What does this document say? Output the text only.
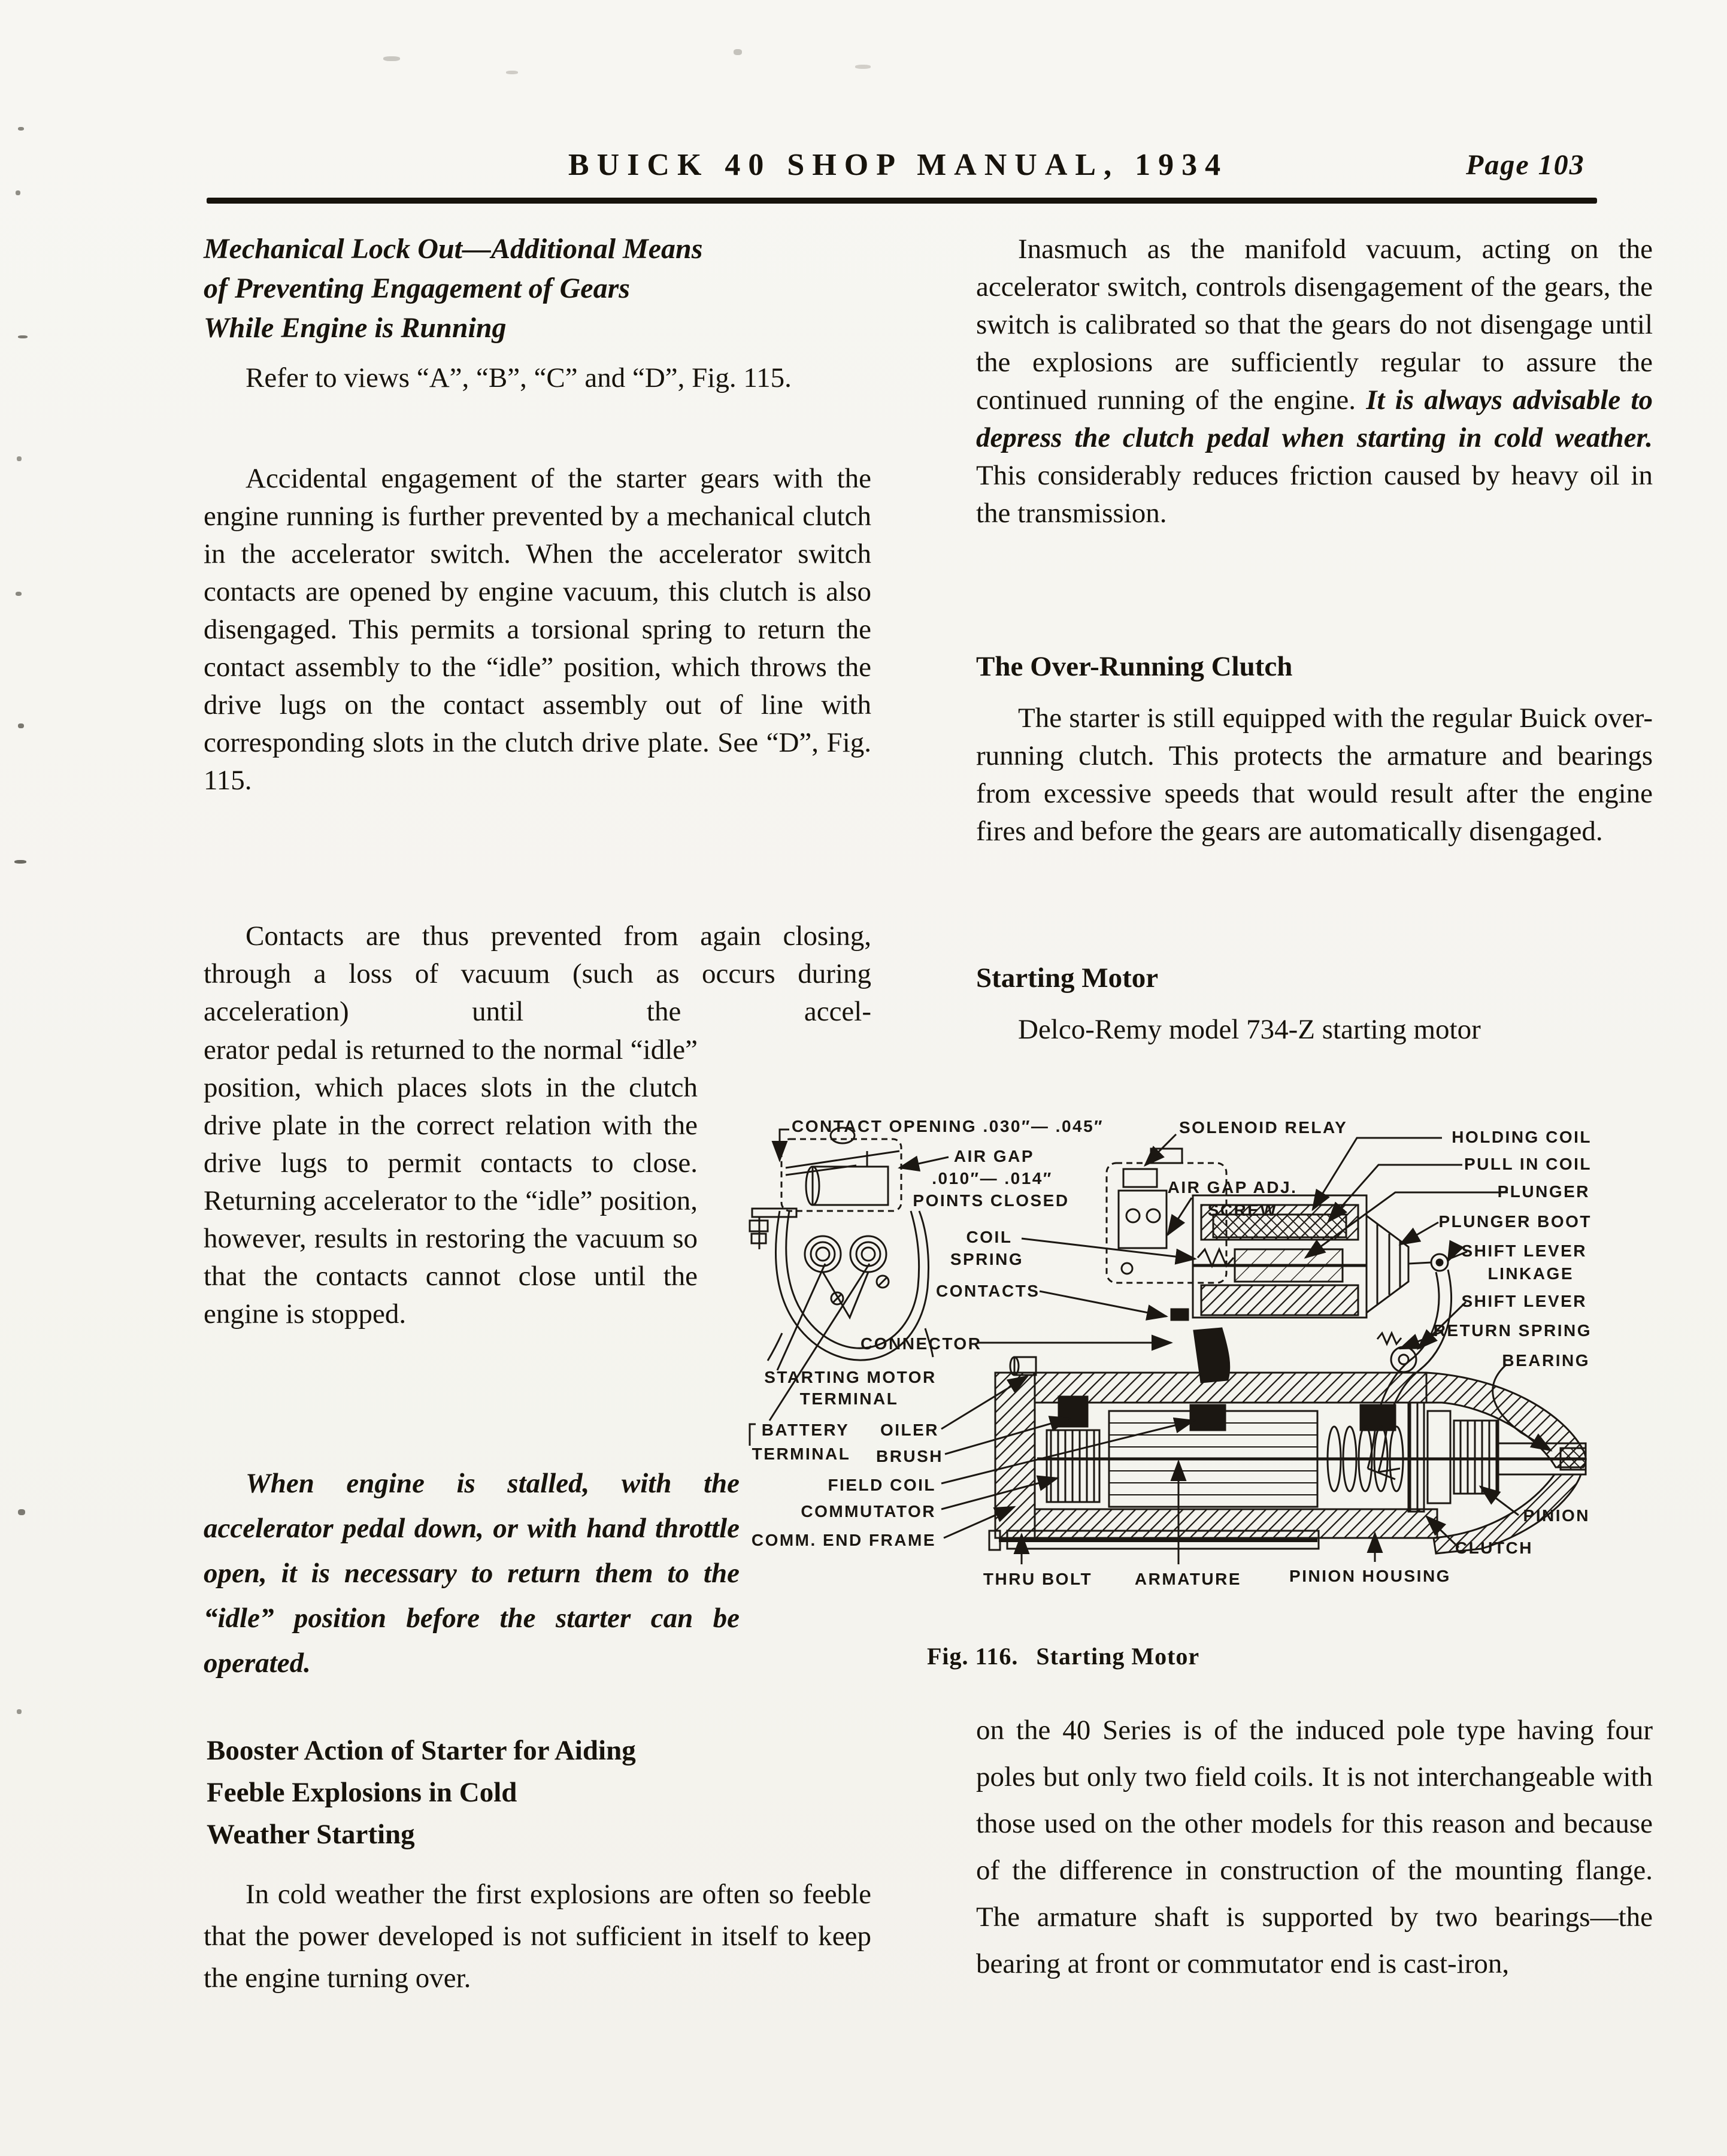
BUICK 40 SHOP MANUAL, 1934	Page 103
Mechanical Lock Out—Additional Means
of Preventing Engagement of Gears
While Engine is Running
Refer to views “A”, “B”, “C” and “D”, Fig. 115.
Accidental engagement of the starter gears with the engine running is further prevented by a mechanical clutch in the accelerator switch. When the accelerator switch contacts are opened by engine vacuum, this clutch is also disengaged. This permits a torsional spring to return the contact assembly to the “idle” position, which throws the drive lugs on the contact assembly out of line with corresponding slots in the clutch drive plate. See “D”, Fig. 115.
Contacts are thus prevented from again closing, through a loss of vacuum (such as occurs during acceleration) until the accel-
erator pedal is returned to the normal “idle” position, which places slots in the clutch drive plate in the correct relation with the drive lugs to permit contacts to close. Returning accelerator to the “idle” position, however, results in restoring the vacuum so that the contacts cannot close until the engine is stopped.
When engine is stalled, with the accelerator pedal down, or with hand throttle open, it is necessary to return them to the “idle” position before the starter can be operated.
Booster Action of Starter for Aiding
Feeble Explosions in Cold
Weather Starting
In cold weather the first explosions are often so feeble that the power developed is not sufficient in itself to keep the engine turning over.
Inasmuch as the manifold vacuum, acting on the accelerator switch, controls disengagement of the gears, the switch is calibrated so that the gears do not disengage until the explosions are sufficiently regular to assure the continued running of the engine. It is always advisable to depress the clutch pedal when starting in cold weather. This considerably reduces friction caused by heavy oil in the transmission.
The Over-Running Clutch
The starter is still equipped with the regular Buick over-running clutch. This protects the armature and bearings from excessive speeds that would result after the engine fires and before the gears are automatically disengaged.
Starting Motor
Delco-Remy model 734-Z starting motor
Fig. 116. Starting Motor
on the 40 Series is of the induced pole type having four poles but only two field coils. It is not interchangeable with those used on the other models for this reason and because of the difference in construction of the mounting flange. The armature shaft is supported by two bearings—the bearing at front or commutator end is cast-iron,
CONTACT OPENING .030″— .045″	SOLENOID RELAY
AIR GAP
.010″— .014″
POINTS CLOSED
AIR GAP ADJ.
SCREW
HOLDING COIL
PULL IN COIL
PLUNGER
PLUNGER BOOT
SHIFT LEVER
LINKAGE
SHIFT LEVER
RETURN SPRING
BEARING
COIL
SPRING
CONTACTS
CONNECTOR
STARTING MOTOR
TERMINAL
BATTERY
TERMINAL
OILER
BRUSH
FIELD COIL
COMMUTATOR
COMM. END FRAME
THRU BOLT	ARMATURE	PINION HOUSING
PINION
CLUTCH
